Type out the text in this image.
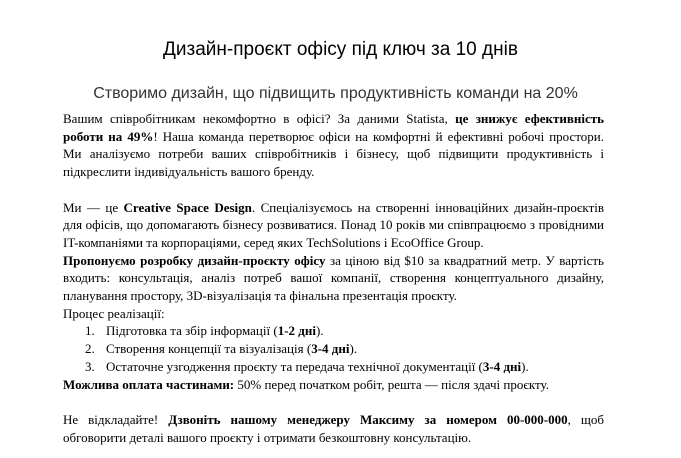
Дизайн-проєкт офісу під ключ за 10 днів
Створимо дизайн, що підвищить продуктивність команди на 20%

Вашим співробітникам некомфортно в офісі? За даними Statista, це знижує ефективність роботи на 49%! Наша команда перетворює офіси на комфортні й ефективні робочі простори. Ми аналізуємо потреби ваших співробітників і бізнесу, щоб підвищити продуктивність і підкреслити індивідуальність вашого бренду.

Ми — це Creative Space Design. Спеціалізуємось на створенні інноваційних дизайн-проєктів для офісів, що допомагають бізнесу розвиватися. Понад 10 років ми співпрацюємо з провідними IT-компаніями та корпораціями, серед яких TechSolutions і EcoOffice Group.

Пропонуємо розробку дизайн-проєкту офісу за ціною від $10 за квадратний метр. У вартість входить: консультація, аналіз потреб вашої компанії, створення концептуального дизайну, планування простору, 3D-візуалізація та фінальна презентація проєкту.

Процес реалізації:

1. Підготовка та збір інформації (1-2 дні).
2. Створення концепції та візуалізація (3-4 дні).
3. Остаточне узгодження проєкту та передача технічної документації (3-4 дні).

Можлива оплата частинами: 50% перед початком робіт, решта — після здачі проєкту.

Не відкладайте! Дзвоніть нашому менеджеру Максиму за номером 00-000-000, щоб обговорити деталі вашого проєкту і отримати безкоштовну консультацію.
